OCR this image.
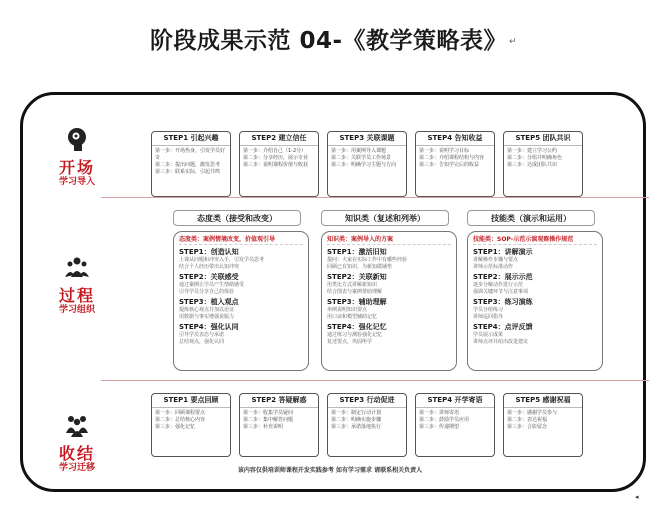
阶段成果示范 04-《教学策略表》 ↵
开场
学习导入
过程
学习组织
收结
学习迁移
STEP1 引起兴趣
第一步：开场热身，引发学员好奇
第二步：提出问题，激发思考
第三步：联系实际，引起共鸣
STEP2 建立信任
第一步：介绍自己（1-2分）
第二步：分享经历，展示专业
第三步：说明课程价值与收获
STEP3 关联课题
第一步：用案例导入课题
第二步：关联学员工作场景
第三步：明确学习主题与方向
STEP4 告知收益
第一步：说明学习目标
第二步：介绍课程结构与内容
第三步：告知学完后的收益
STEP5 团队共识
第一步：建立学习公约
第二步：分组并明确角色
第三步：达成团队共识
态度类（接受和改变）	知识类（复述和列举）	技能类（演示和运用）
态度类：案例情境改变，价值观引导
STEP1：创造认知
上课从问题和冲突入手，引发学员思考
结合个人经历带出认知冲突
STEP2：关联感受
通过案例让学员产生情绪感受
引导学员分享自己的体验
STEP3：植入观点
提炼核心观点并加以论证
用数据与事实增强说服力
STEP4：强化认同
引导学员表态与承诺
总结观点，强化认同
知识类：案例导入的方案
STEP1：激活旧知
提问：大家在实际工作中有哪些经验
回顾已有知识，为新知做铺垫
STEP2：关联新知
用类比方式讲解新知识
结合图表与案例帮助理解
STEP3：辅助理解
举例说明知识要点
用口诀和模型辅助记忆
STEP4：强化记忆
通过练习与测验强化记忆
复述要点，巩固所学
技能类：SOP-示范示演观察操作规范
STEP1：讲解演示
讲解操作步骤与要点
讲师示范标准动作
STEP2：展示示范
逐步分解动作进行示范
强调关键环节与注意事项
STEP3：练习演练
学员分组练习
讲师巡回指导
STEP4：点评反馈
学员展示成果
讲师点评并给出改进建议
STEP1 要点回顾
第一步：回顾课程要点
第二步：总结核心内容
第三步：强化记忆
STEP2 答疑解惑
第一步：收集学员疑问
第二步：集中解答问题
第三步：补充说明
STEP3 行动促进
第一步：制定行动计划
第二步：明确实施步骤
第三步：承诺落地执行
STEP4 开学寄语
第一步：讲师寄语
第二步：鼓励学员应用
第三步：传递期望
STEP5 感谢祝福
第一步：感谢学员参与
第二步：表达祝福
第三步：合影留念
该内容仅供培训师课程开发实践参考 如有学习需求 请联系相关负责人
◂
